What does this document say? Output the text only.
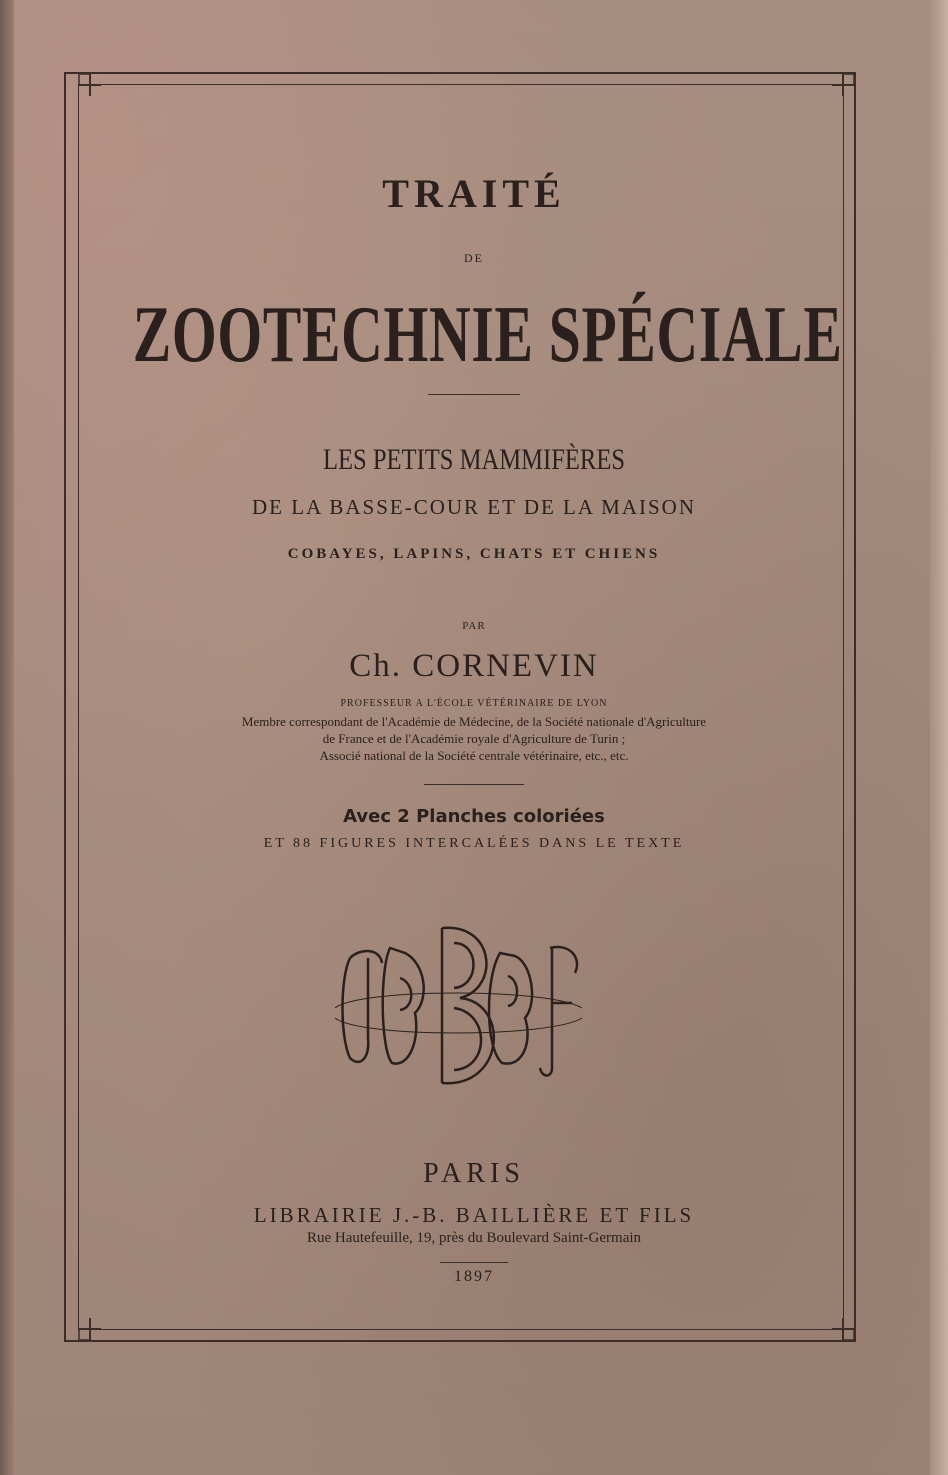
TRAITÉ
DE
ZOOTECHNIE SPÉCIALE
LES PETITS MAMMIFÈRES
DE LA BASSE-COUR ET DE LA MAISON
COBAYES, LAPINS, CHATS ET CHIENS
PAR
Ch. CORNEVIN
PROFESSEUR A L'ÉCOLE VÉTÉRINAIRE DE LYON
Membre correspondant de l'Académie de Médecine, de la Société nationale d'Agriculture
de France et de l'Académie royale d'Agriculture de Turin ;
Associé national de la Société centrale vétérinaire, etc., etc.
Avec 2 Planches coloriées
ET 88 FIGURES INTERCALÉES DANS LE TEXTE
PARIS
LIBRAIRIE J.-B. BAILLIÈRE ET FILS
Rue Hautefeuille, 19, près du Boulevard Saint-Germain
1897
